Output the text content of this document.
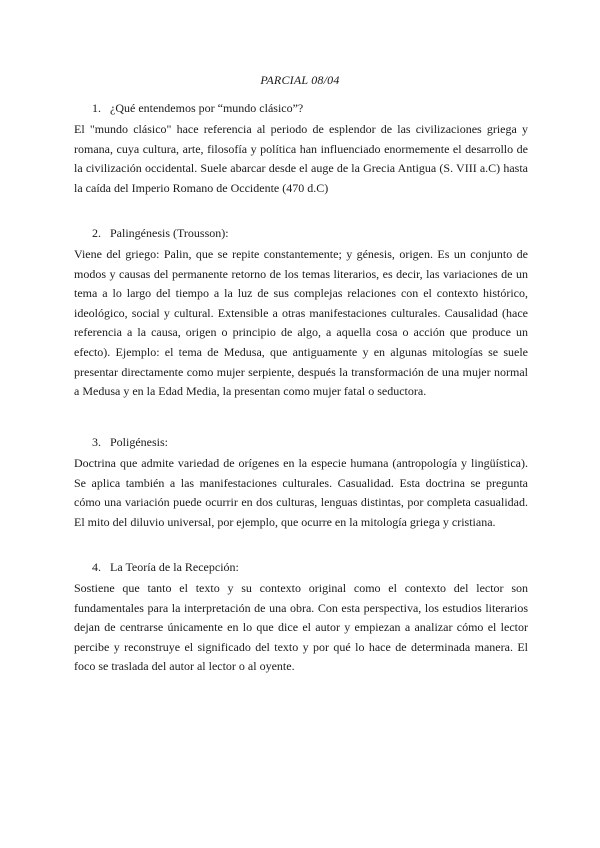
PARCIAL 08/04
1. ¿Qué entendemos por “mundo clásico”?
El "mundo clásico" hace referencia al periodo de esplendor de las civilizaciones griega y romana, cuya cultura, arte, filosofía y política han influenciado enormemente el desarrollo de la civilización occidental. Suele abarcar desde el auge de la Grecia Antigua (S. VIII a.C) hasta la caída del Imperio Romano de Occidente (470 d.C)
2. Palingénesis (Trousson):
Viene del griego: Palin, que se repite constantemente; y génesis, origen. Es un conjunto de modos y causas del permanente retorno de los temas literarios, es decir, las variaciones de un tema a lo largo del tiempo a la luz de sus complejas relaciones con el contexto histórico, ideológico, social y cultural. Extensible a otras manifestaciones culturales. Causalidad (hace referencia a la causa, origen o principio de algo, a aquella cosa o acción que produce un efecto). Ejemplo: el tema de Medusa, que antiguamente y en algunas mitologías se suele presentar directamente como mujer serpiente, después la transformación de una mujer normal a Medusa y en la Edad Media, la presentan como mujer fatal o seductora.
3. Poligénesis:
Doctrina que admite variedad de orígenes en la especie humana (antropología y lingüística). Se aplica también a las manifestaciones culturales. Casualidad. Esta doctrina se pregunta cómo una variación puede ocurrir en dos culturas, lenguas distintas, por completa casualidad. El mito del diluvio universal, por ejemplo, que ocurre en la mitología griega y cristiana.
4. La Teoría de la Recepción:
Sostiene que tanto el texto y su contexto original como el contexto del lector son fundamentales para la interpretación de una obra. Con esta perspectiva, los estudios literarios dejan de centrarse únicamente en lo que dice el autor y empiezan a analizar cómo el lector percibe y reconstruye el significado del texto y por qué lo hace de determinada manera. El foco se traslada del autor al lector o al oyente.
